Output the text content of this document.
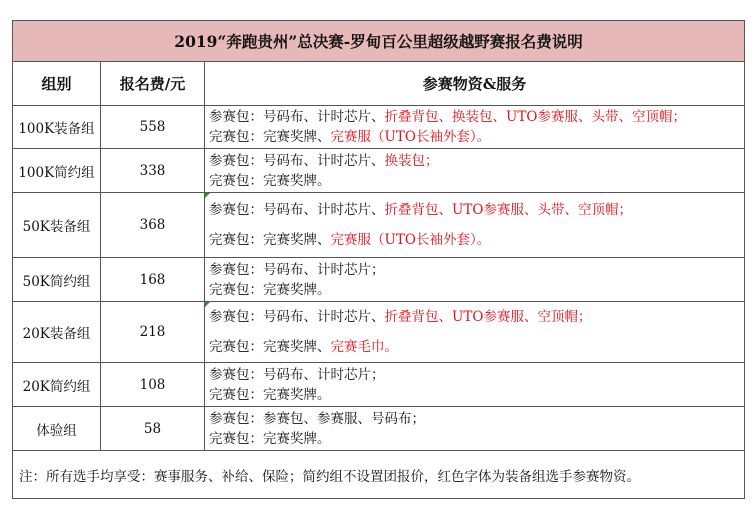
2019“奔跑贵州”总决赛-罗甸百公里超级越野赛报名费说明		
组别	报名费/元	参赛物资&服务
100K装备组	558	参赛包：号码布、计时芯片、折叠背包、换装包、UTO参赛服、头带、空顶帽；
完赛包：完赛奖牌、完赛服（UTO长袖外套）。

100K简约组	338	参赛包：号码布、计时芯片、换装包；
完赛包：完赛奖牌。

50K装备组	368	参赛包：号码布、计时芯片、折叠背包、UTO参赛服、头带、空顶帽；
完赛包：完赛奖牌、完赛服（UTO长袖外套）。

50K简约组	168	参赛包：号码布、计时芯片；
完赛包：完赛奖牌。

20K装备组	218	参赛包：号码布、计时芯片、折叠背包、UTO参赛服、空顶帽；
完赛包：完赛奖牌、完赛毛巾。

20K简约组	108	参赛包：号码布、计时芯片；
完赛包：完赛奖牌。

体验组	58	参赛包：参赛包、参赛服、号码布；
完赛包：完赛奖牌。

注：所有选手均享受：赛事服务、补给、保险；简约组不设置团报价，红色字体为装备组选手参赛物资。		
